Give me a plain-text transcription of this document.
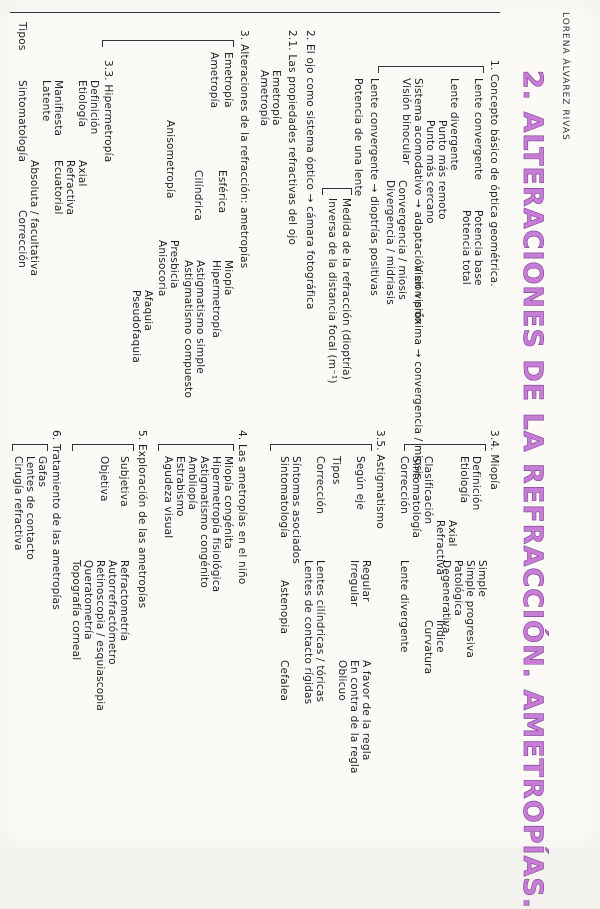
LORENA ÁLVAREZ RIVAS
2. ALTERACIONES DE LA REFRACCIÓN. AMETROPÍAS.
1. Concepto básico de óptica geométrica.
Lente convergente
Potencia base
Potencia total
Lente divergente
Punto más remoto
Punto más cercano
Sistema acomodativo → adaptación en visión
Visión próxima → convergencia / miosis
Visión binocular
Convergencia / miosis
Divergencia / midriasis
Lente convergente → dioptrías positivas
Potencia de una lente
Medida de la refracción (dioptría)
Inversa de la distancia focal (m⁻¹)
2. El ojo como sistema óptico → cámara fotográfica
2.1. Las propiedades refractivas del ojo
Emetropía
Ametropía
3. Alteraciones de la refracción: ametropías
Emetropía
Ametropía
Esférica
Miopía
Hipermetropía
Cilíndrica
Astigmatismo simple
Astigmatismo compuesto
Anisometropía
Presbicia
Anisocoria
Afaquia
Pseudofaquia
3.3. Hipermetropía
Definición
Etiología
Axial
Refractiva
Ecuatorial
Manifiesta
Latente
Absoluta / facultativa
Tipos
Sintomatología
Corrección
3.4. Miopía
Simple
Simple progresiva
Patológica
Degenerativa
Definición
Etiología
Axial
Refractiva
Índice
Curvatura
Clasificación
Sintomatología
Corrección
Lente divergente
3.5. Astigmatismo
Regular
Irregular
Según eje
A favor de la regla
En contra de la regla
Oblicuo
Tipos
Corrección
Lentes cilíndricas / tóricas
Lentes de contacto rígidas
Síntomas asociados
Sintomatología
Astenopia
Cefalea
4. Las ametropías en el niño
Miopía congénita
Hipermetropía fisiológica
Astigmatismo congénito
Ambliopía
Estrabismo
Agudeza visual
5. Exploración de las ametropías
Subjetiva
Objetiva
Refractometría
Autorrefractómetro
Retinoscopia / esquiascopia
Queratometría
Topografía corneal
6. Tratamiento de las ametropías
Gafas
Lentes de contacto
Cirugía refractiva
